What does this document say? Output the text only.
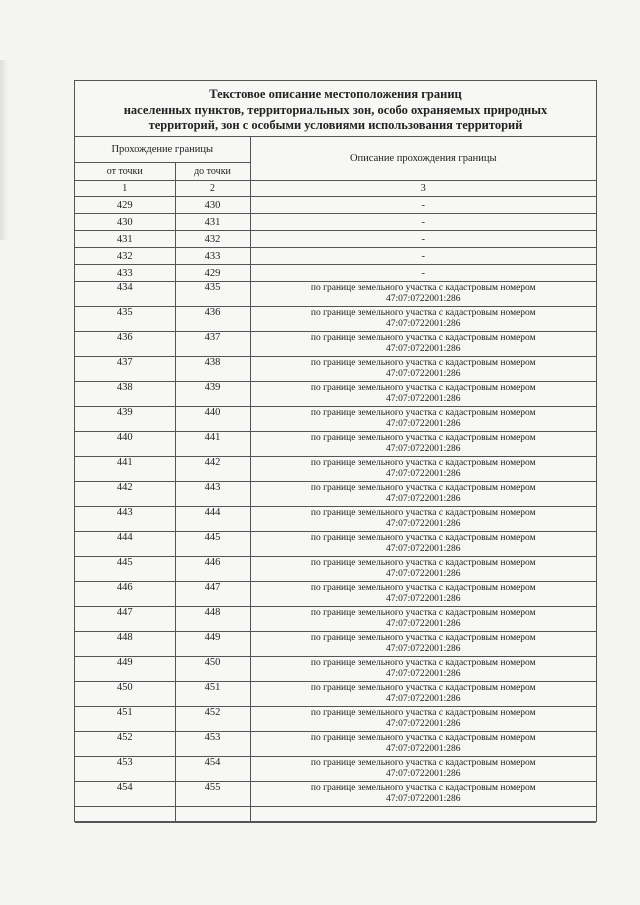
Текстовое описание местоположения границ
населенных пунктов, территориальных зон, особо охраняемых природных
территорий, зон с особыми условиями использования территорий
Прохождение границы		Описание прохождения границы
от точки	до точки	
1	2	3
429	430	-
430	431	-
431	432	-
432	433	-
433	429	-
434	435	по границе земельного участка с кадастровым номером
47:07:0722001:286

435	436	по границе земельного участка с кадастровым номером
47:07:0722001:286

436	437	по границе земельного участка с кадастровым номером
47:07:0722001:286

437	438	по границе земельного участка с кадастровым номером
47:07:0722001:286

438	439	по границе земельного участка с кадастровым номером
47:07:0722001:286

439	440	по границе земельного участка с кадастровым номером
47:07:0722001:286

440	441	по границе земельного участка с кадастровым номером
47:07:0722001:286

441	442	по границе земельного участка с кадастровым номером
47:07:0722001:286

442	443	по границе земельного участка с кадастровым номером
47:07:0722001:286

443	444	по границе земельного участка с кадастровым номером
47:07:0722001:286

444	445	по границе земельного участка с кадастровым номером
47:07:0722001:286

445	446	по границе земельного участка с кадастровым номером
47:07:0722001:286

446	447	по границе земельного участка с кадастровым номером
47:07:0722001:286

447	448	по границе земельного участка с кадастровым номером
47:07:0722001:286

448	449	по границе земельного участка с кадастровым номером
47:07:0722001:286

449	450	по границе земельного участка с кадастровым номером
47:07:0722001:286

450	451	по границе земельного участка с кадастровым номером
47:07:0722001:286

451	452	по границе земельного участка с кадастровым номером
47:07:0722001:286

452	453	по границе земельного участка с кадастровым номером
47:07:0722001:286

453	454	по границе земельного участка с кадастровым номером
47:07:0722001:286

454	455	по границе земельного участка с кадастровым номером
47:07:0722001:286
